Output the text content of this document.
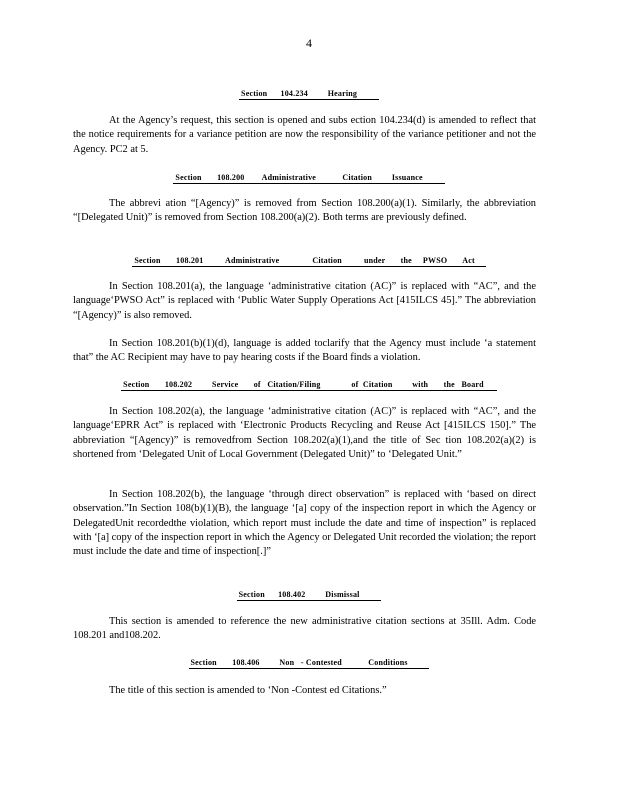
4
Section      104.234         Hearing
At the Agency’s request, this section is opened and subs ection 104.234(d) is amended to reflect that the notice requirements for a variance petition are now the responsibility of the variance petitioner and not the Agency. PC2 at 5.
Section       108.200        Administrative            Citation         Issuance
The abbrevi ation “[Agency)” is removed from Section 108.200(a)(1). Similarly, the abbreviation “[Delegated Unit)” is removed from Section 108.200(a)(2). Both terms are previously defined.
Section       108.201          Administrative               Citation          under       the     PWSO       Act
In Section 108.201(a), the language ‘administrative citation (AC)” is replaced with “AC”, and the language‘PWSO Act” is replaced with ‘Public Water Supply Operations Act [415ILCS 45].” The abbreviation “[Agency)” is also removed.
In Section 108.201(b)(1)(d), language is added toclarify that the Agency must include ‘a statement that” the AC Recipient may have to pay hearing costs if the Board finds a violation.
Section       108.202         Service       of   Citation/Filing              of  Citation         with       the   Board
In Section 108.202(a), the language ‘administrative citation (AC)” is replaced with “AC”, and the language‘EPRR Act” is replaced with ‘Electronic Products Recycling and Reuse Act [415ILCS 150].” The abbreviation “[Agency)” is removedfrom Section 108.202(a)(1),and the title of Sec tion 108.202(a)(2) is shortened from ‘Delegated Unit of Local Government (Delegated Unit)” to ‘Delegated Unit.”
In Section 108.202(b), the language ‘through direct observation” is replaced with ‘based on direct observation.”In Section 108(b)(1)(B), the language ‘[a] copy of the inspection report in which the Agency or DelegatedUnit recordedthe violation, which report must include the date and time of inspection” is replaced with ‘[a] copy of the inspection report in which the Agency or Delegated Unit recorded the violation; the report must include the date and time of inspection[.]”
Section      108.402         Dismissal
This section is amended to reference the new administrative citation sections at 35Ill. Adm. Code 108.201 and108.202.
Section       108.406         Non   - Contested            Conditions
The title of this section is amended to ‘Non -Contest ed Citations.”
